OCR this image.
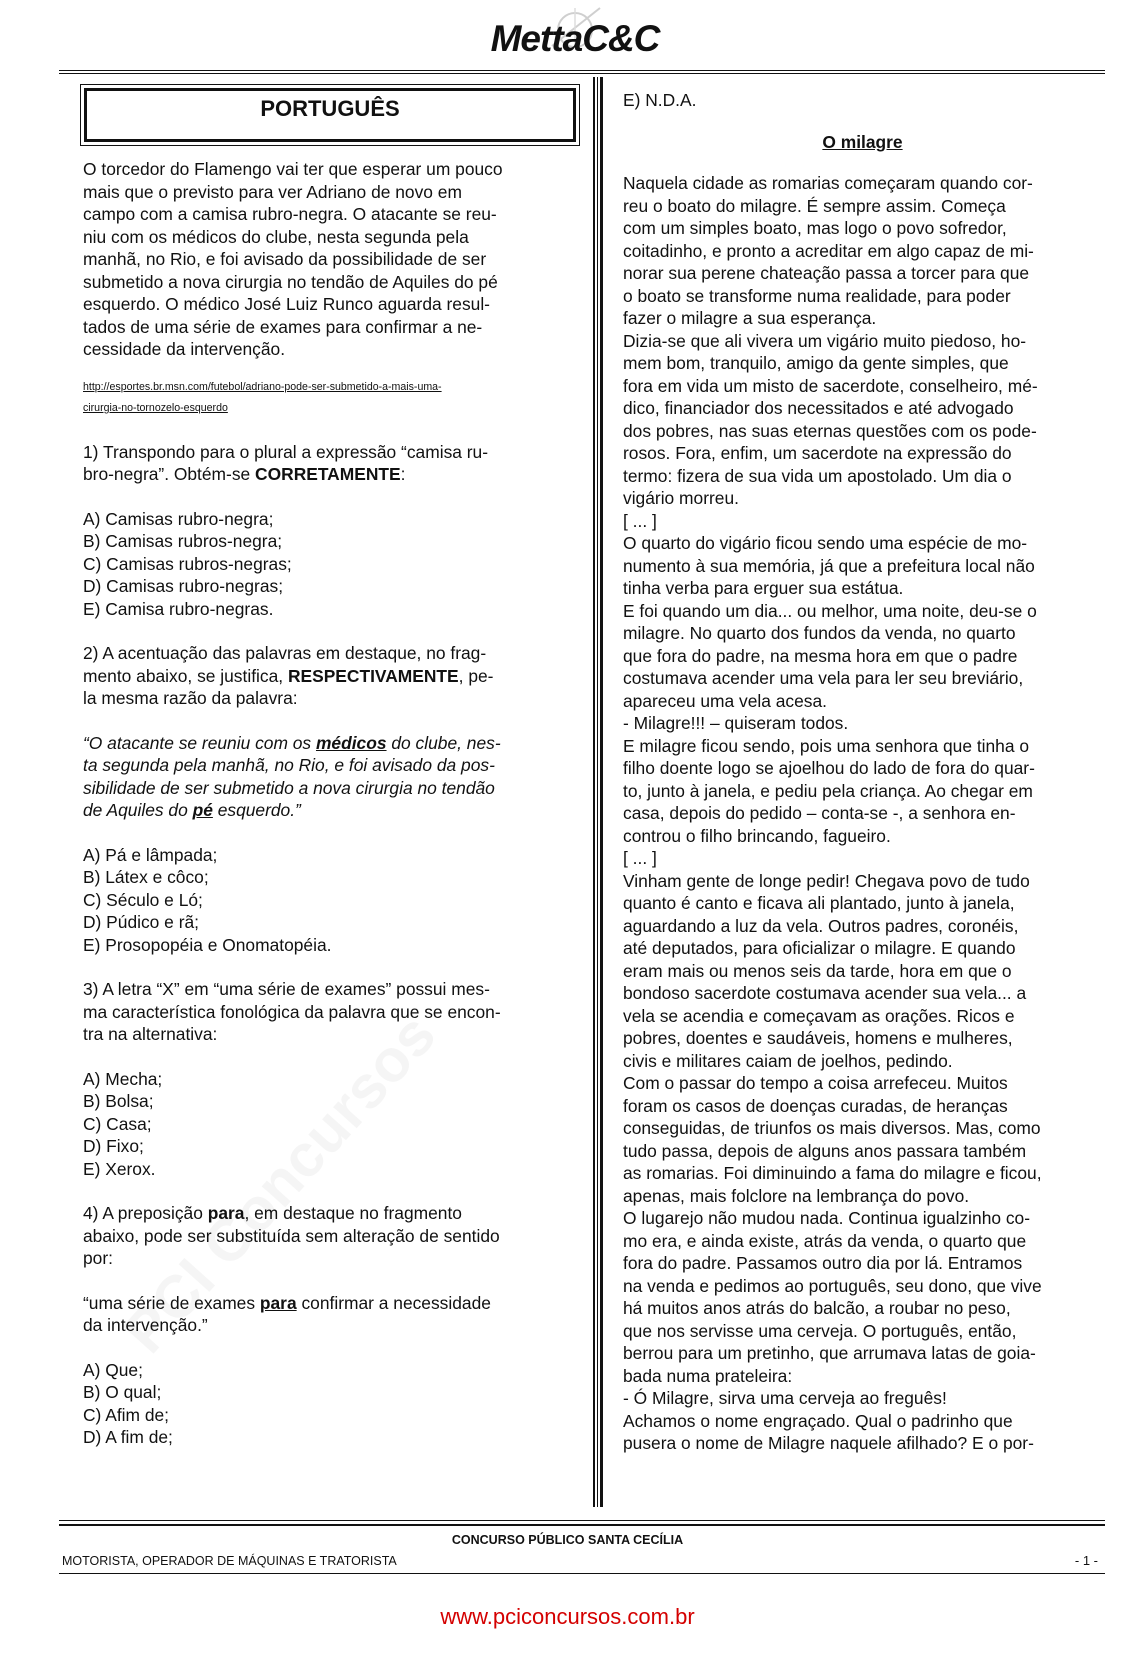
MettaC&C
PORTUGUÊS

O torcedor do Flamengo vai ter que esperar um pouco

mais que o previsto para ver Adriano de novo em

campo com a camisa rubro-negra. O atacante se reu-

niu com os médicos do clube, nesta segunda pela

manhã, no Rio, e foi avisado da possibilidade de ser

submetido a nova cirurgia no tendão de Aquiles do pé

esquerdo. O médico José Luiz Runco aguarda resul-

tados de uma série de exames para confirmar a ne-

cessidade da intervenção.

http://esportes.br.msn.com/futebol/adriano-pode-ser-submetido-a-mais-uma-
cirurgia-no-tornozelo-esquerdo

1) Transpondo para o plural a expressão “camisa ru-

bro-negra”. Obtém-se CORRETAMENTE:

A) Camisas rubro-negra;

B) Camisas rubros-negra;

C) Camisas rubros-negras;

D) Camisas rubro-negras;

E) Camisa rubro-negras.

2) A acentuação das palavras em destaque, no frag-

mento abaixo, se justifica, RESPECTIVAMENTE, pe-

la mesma razão da palavra:

“O atacante se reuniu com os médicos do clube, nes-

ta segunda pela manhã, no Rio, e foi avisado da pos-

sibilidade de ser submetido a nova cirurgia no tendão

de Aquiles do pé esquerdo.”

A) Pá e lâmpada;

B) Látex e côco;

C) Século e Ló;

D) Púdico e rã;

E) Prosopopéia e Onomatopéia.

3) A letra “X” em “uma série de exames” possui mes-

ma característica fonológica da palavra que se encon-

tra na alternativa:

A) Mecha;

B) Bolsa;

C) Casa;

D) Fixo;

E) Xerox.

4) A preposição para, em destaque no fragmento

abaixo, pode ser substituída sem alteração de sentido

por:

“uma série de exames para confirmar a necessidade

da intervenção.”

A) Que;

B) O qual;

C) Afim de;

D) A fim de;

E) N.D.A.

O milagre

Naquela cidade as romarias começaram quando cor-

reu o boato do milagre. É sempre assim. Começa

com um simples boato, mas logo o povo sofredor,

coitadinho, e pronto a acreditar em algo capaz de mi-

norar sua perene chateação passa a torcer para que

o boato se transforme numa realidade, para poder

fazer o milagre a sua esperança.

Dizia-se que ali vivera um vigário muito piedoso, ho-

mem bom, tranquilo, amigo da gente simples, que

fora em vida um misto de sacerdote, conselheiro, mé-

dico, financiador dos necessitados e até advogado

dos pobres, nas suas eternas questões com os pode-

rosos. Fora, enfim, um sacerdote na expressão do

termo: fizera de sua vida um apostolado. Um dia o

vigário morreu.

[ ... ]

O quarto do vigário ficou sendo uma espécie de mo-

numento à sua memória, já que a prefeitura local não

tinha verba para erguer sua estátua.

E foi quando um dia... ou melhor, uma noite, deu-se o

milagre. No quarto dos fundos da venda, no quarto

que fora do padre, na mesma hora em que o padre

costumava acender uma vela para ler seu breviário,

apareceu uma vela acesa.

- Milagre!!! – quiseram todos.

E milagre ficou sendo, pois uma senhora que tinha o

filho doente logo se ajoelhou do lado de fora do quar-

to, junto à janela, e pediu pela criança. Ao chegar em

casa, depois do pedido – conta-se -, a senhora en-

controu o filho brincando, fagueiro.

[ ... ]

Vinham gente de longe pedir! Chegava povo de tudo

quanto é canto e ficava ali plantado, junto à janela,

aguardando a luz da vela. Outros padres, coronéis,

até deputados, para oficializar o milagre. E quando

eram mais ou menos seis da tarde, hora em que o

bondoso sacerdote costumava acender sua vela... a

vela se acendia e começavam as orações. Ricos e

pobres, doentes e saudáveis, homens e mulheres,

civis e militares caiam de joelhos, pedindo.

Com o passar do tempo a coisa arrefeceu. Muitos

foram os casos de doenças curadas, de heranças

conseguidas, de triunfos os mais diversos. Mas, como

tudo passa, depois de alguns anos passara também

as romarias. Foi diminuindo a fama do milagre e ficou,

apenas, mais folclore na lembrança do povo.

O lugarejo não mudou nada. Continua igualzinho co-

mo era, e ainda existe, atrás da venda, o quarto que

fora do padre. Passamos outro dia por lá. Entramos

na venda e pedimos ao português, seu dono, que vive

há muitos anos atrás do balcão, a roubar no peso,

que nos servisse uma cerveja. O português, então,

berrou para um pretinho, que arrumava latas de goia-

bada numa prateleira:

- Ó Milagre, sirva uma cerveja ao freguês!

Achamos o nome engraçado. Qual o padrinho que

pusera o nome de Milagre naquele afilhado? E o por-

CONCURSO PÚBLICO SANTA CECÍLIA
MOTORISTA, OPERADOR DE MÁQUINAS E TRATORISTA	- 1 -
www.pciconcursos.com.br
